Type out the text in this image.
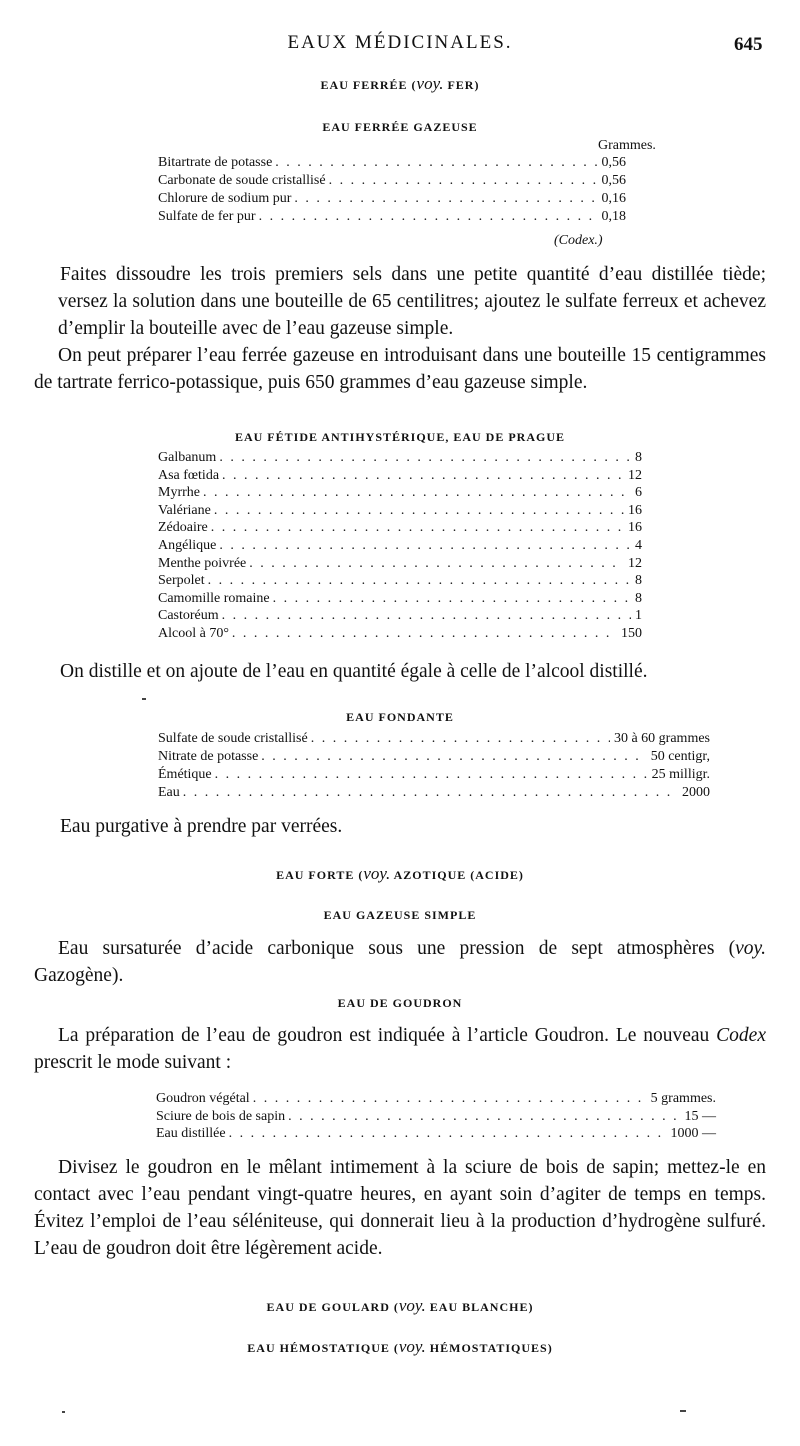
EAUX MÉDICINALES.	645
EAU FERRÉE (voy. FER)
EAU FERRÉE GAZEUSE
Grammes.
Bitartrate de potasse . . .	0,56
Carbonate de soude cristallisé . . .	0,56
Chlorure de sodium pur . . .	0,16
Sulfate de fer pur . . .	0,18
(Codex.)

Faites dissoudre les trois premiers sels dans une petite quantité d’eau distillée tiède; versez la solution dans une bouteille de 65 centilitres; ajoutez le sulfate ferreux et achevez d’emplir la bouteille avec de l’eau gazeuse simple.

On peut préparer l’eau ferrée gazeuse en introduisant dans une bouteille 15 centigrammes de tartrate ferrico-potassique, puis 650 grammes d’eau gazeuse simple.

EAU FÉTIDE ANTIHYSTÉRIQUE, EAU DE PRAGUE
Galbanum . . .	8
Asa fœtida . . .	12
Myrrhe . . .	6
Valériane . . .	16
Zédoaire . . .	16
Angélique . . .	4
Menthe poivrée . . .	12
Serpolet . . .	8
Camomille romaine . . .	8
Castoréum . . .	1
Alcool à 70° . . .	150

On distille et on ajoute de l’eau en quantité égale à celle de l’alcool distillé.

EAU FONDANTE
Sulfate de soude cristallisé . . .	30 à 60 grammes
Nitrate de potasse . . .	50 centigr,
Émétique . . .	25 milligr.
Eau . . .	2000

Eau purgative à prendre par verrées.

EAU FORTE (voy. AZOTIQUE (ACIDE)
EAU GAZEUSE SIMPLE

Eau sursaturée d’acide carbonique sous une pression de sept atmosphères (voy. Gazogène).

EAU DE GOUDRON

La préparation de l’eau de goudron est indiquée à l’article Goudron. Le nouveau Codex prescrit le mode suivant :

Goudron végétal . . .	5 grammes.
Sciure de bois de sapin . . .	15 —
Eau distillée . . .	1000 —

Divisez le goudron en le mêlant intimement à la sciure de bois de sapin; mettez-le en contact avec l’eau pendant vingt-quatre heures, en ayant soin d’agiter de temps en temps. Évitez l’emploi de l’eau séléniteuse, qui donnerait lieu à la production d’hydrogène sulfuré. L’eau de goudron doit être légèrement acide.

EAU DE GOULARD (voy. EAU BLANCHE)
EAU HÉMOSTATIQUE (voy. HÉMOSTATIQUES)
